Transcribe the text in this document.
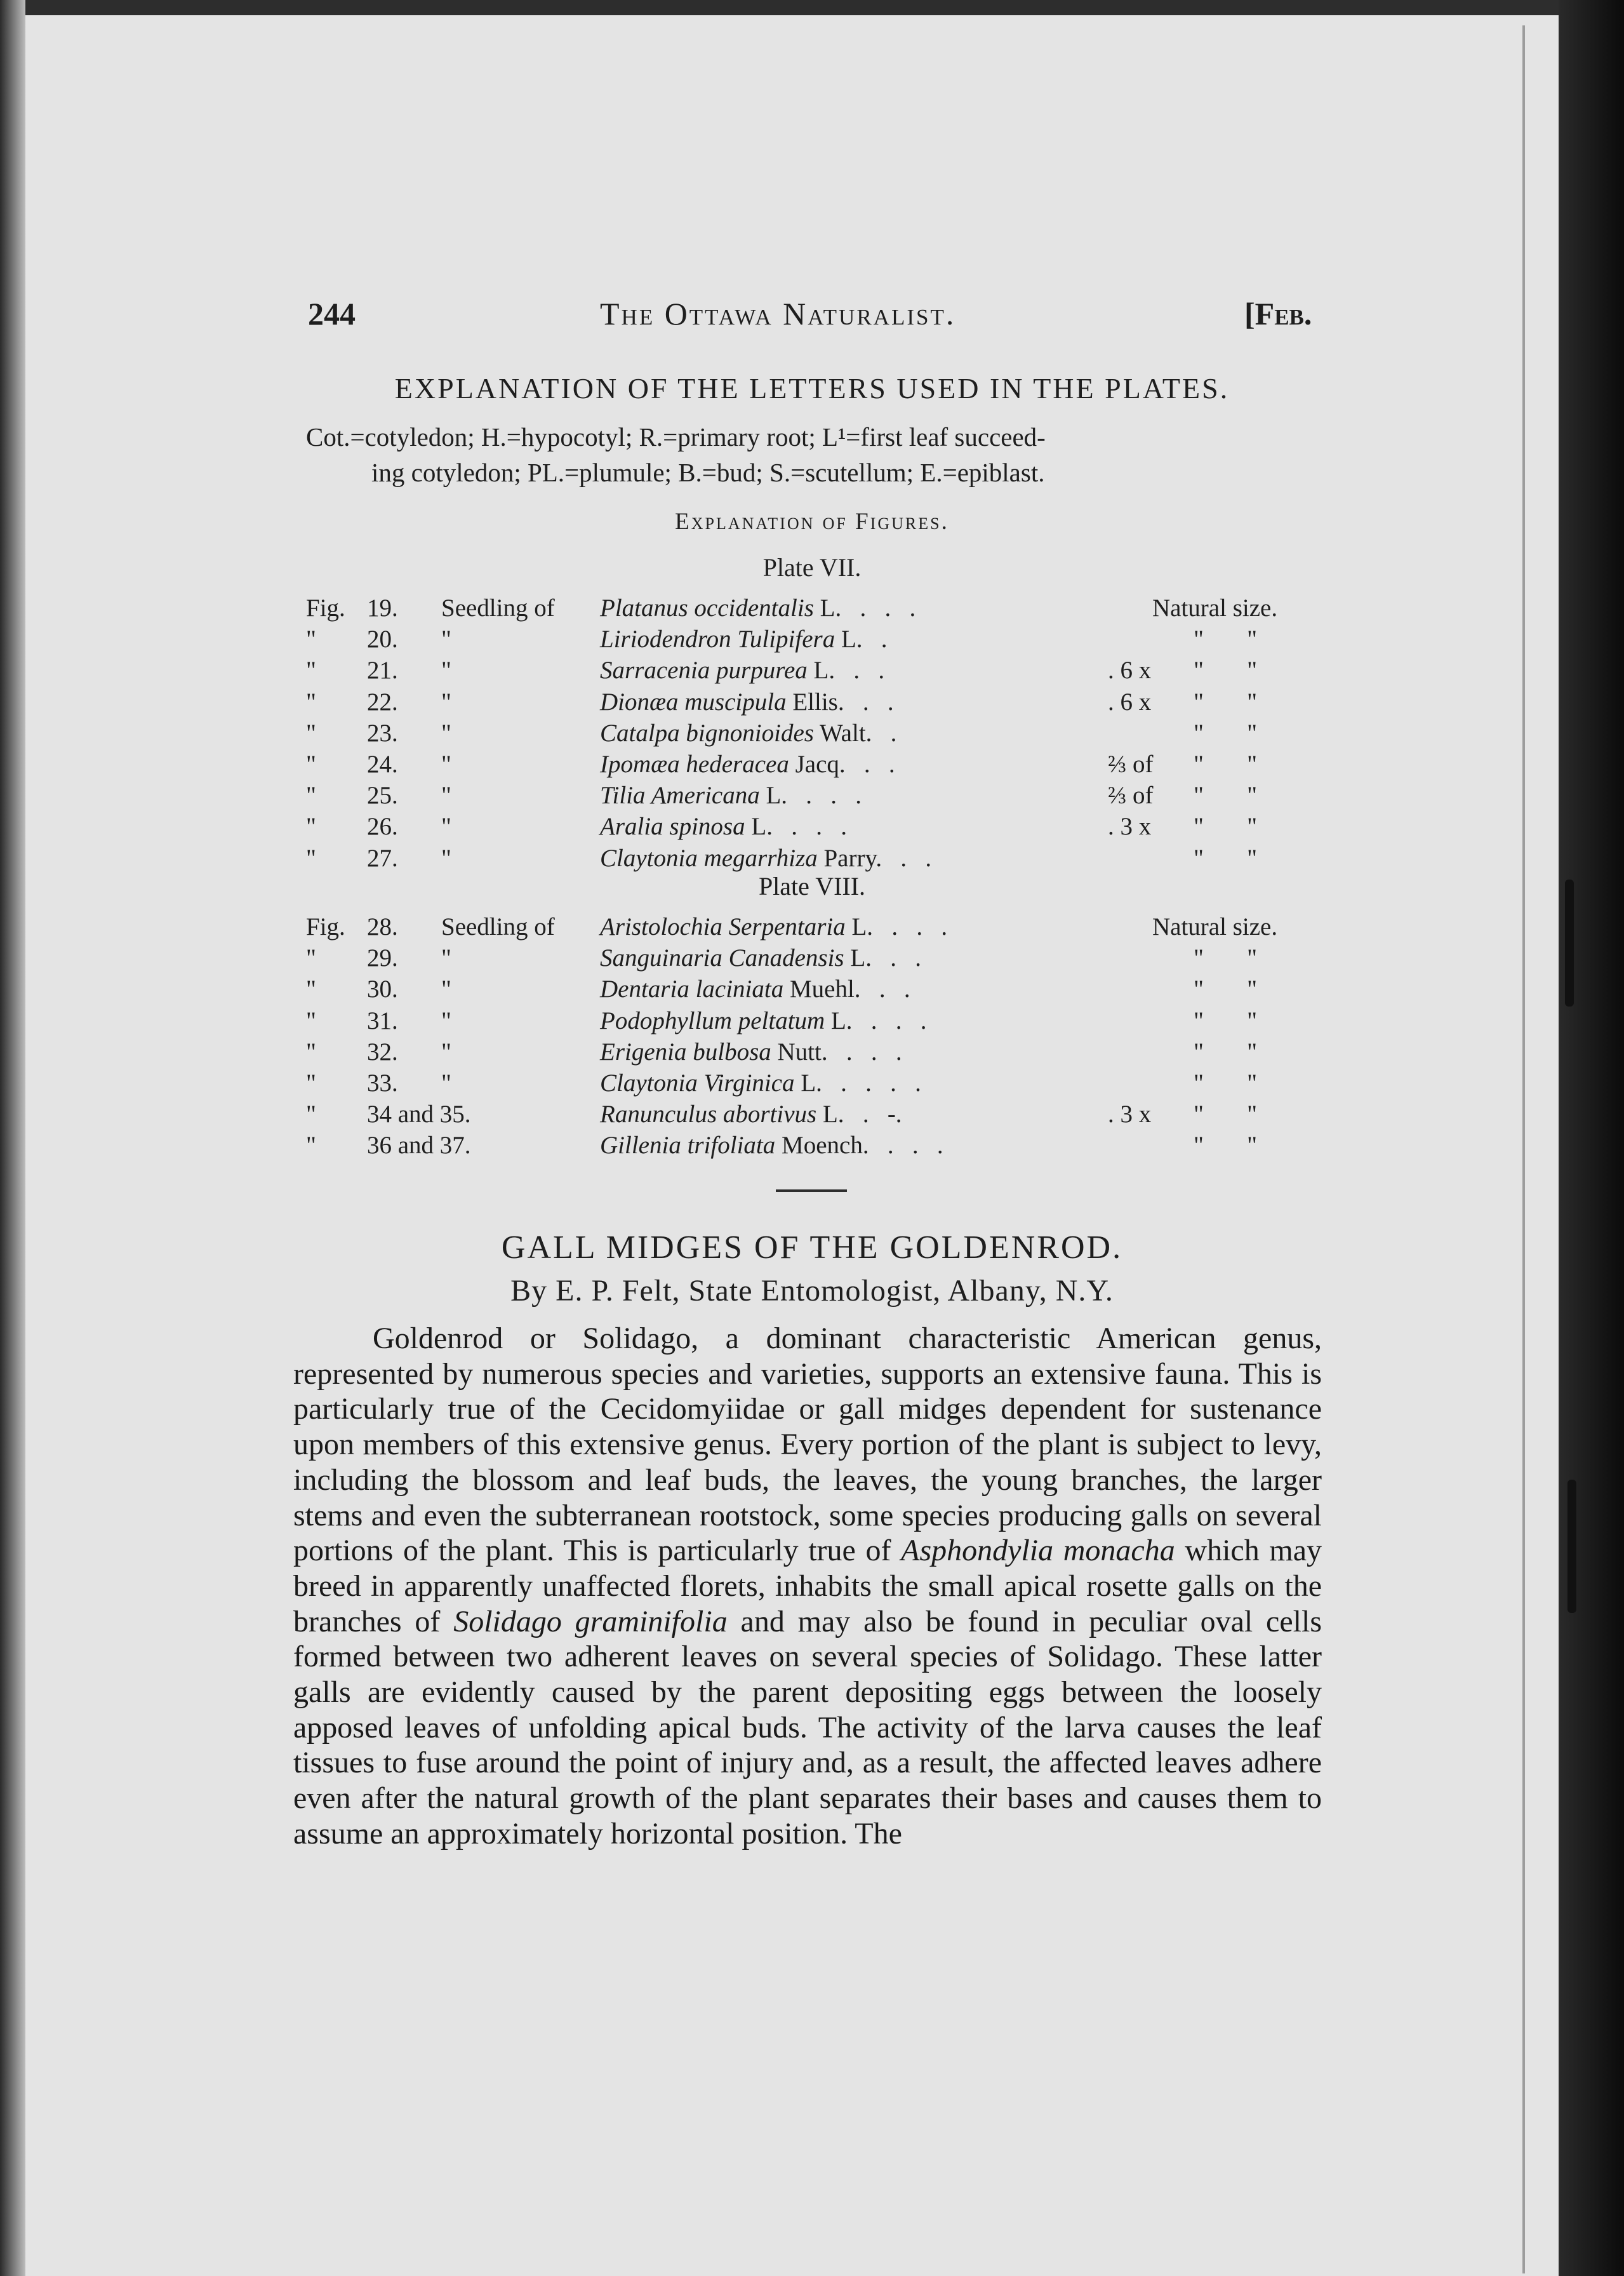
244	The Ottawa Naturalist.	[Feb.
EXPLANATION OF THE LETTERS USED IN THE PLATES.
Cot.=cotyledon; H.=hypocotyl; R.=primary root; L¹=first leaf succeed-
ing cotyledon; PL.=plumule; B.=bud; S.=scutellum; E.=epiblast.
Explanation of Figures.
Plate VII.
Plate VIII.
Fig. 19. Seedling of Platanus occidentalis L.   .   .   .	Natural size.
" 20. "	Liriodendron Tulipifera L.   .	"       "
" 21. "	Sarracenia purpurea L.   .   .	. 6 x "       "
" 22. "	Dionæa muscipula Ellis.   .   .	. 6 x "       "
" 23. "	Catalpa bignonioides Walt.   .	"       "
" 24. "	Ipomæa hederacea Jacq.   .   .	⅔ of "       "
" 25. "	Tilia Americana L.   .   .   .	⅔ of "       "
" 26. "	Aralia spinosa L.   .   .   .	. 3 x "       "
" 27. "	Claytonia megarrhiza Parry.   .   .	"       "
Fig. 28. Seedling of Aristolochia Serpentaria L.   .   .   .	Natural size.
" 29. "	Sanguinaria Canadensis L.   .   .	"       "
" 30. "	Dentaria laciniata Muehl.   .   .	"       "
" 31. "	Podophyllum peltatum L.   .   .   .	"       "
" 32. "	Erigenia bulbosa Nutt.   .   .   .	"       "
" 33. "	Claytonia Virginica L.   .   .   .   .	"       "
" 34 and 35.	Ranunculus abortivus L.   .   -.	. 3 x "       "
" 36 and 37.	Gillenia trifoliata Moench.   .   .   .	"       "
GALL MIDGES OF THE GOLDENROD.
By E. P. Felt, State Entomologist, Albany, N.Y.
Goldenrod or Solidago, a dominant characteristic American genus, represented by numerous species and varieties, supports an extensive fauna. This is particularly true of the Cecidomyiidae or gall midges dependent for sustenance upon members of this extensive genus. Every portion of the plant is subject to levy, including the blossom and leaf buds, the leaves, the young branches, the larger stems and even the subterranean rootstock, some species producing galls on several portions of the plant. This is particularly true of Asphondylia monacha which may breed in apparently unaffected florets, inhabits the small apical rosette galls on the branches of Solidago graminifolia and may also be found in peculiar oval cells formed between two adherent leaves on several species of Solidago. These latter galls are evidently caused by the parent depositing eggs between the loosely apposed leaves of unfolding apical buds. The activity of the larva causes the leaf tissues to fuse around the point of injury and, as a result, the affected leaves adhere even after the natural growth of the plant separates their bases and causes them to assume an approximately horizontal position. The
